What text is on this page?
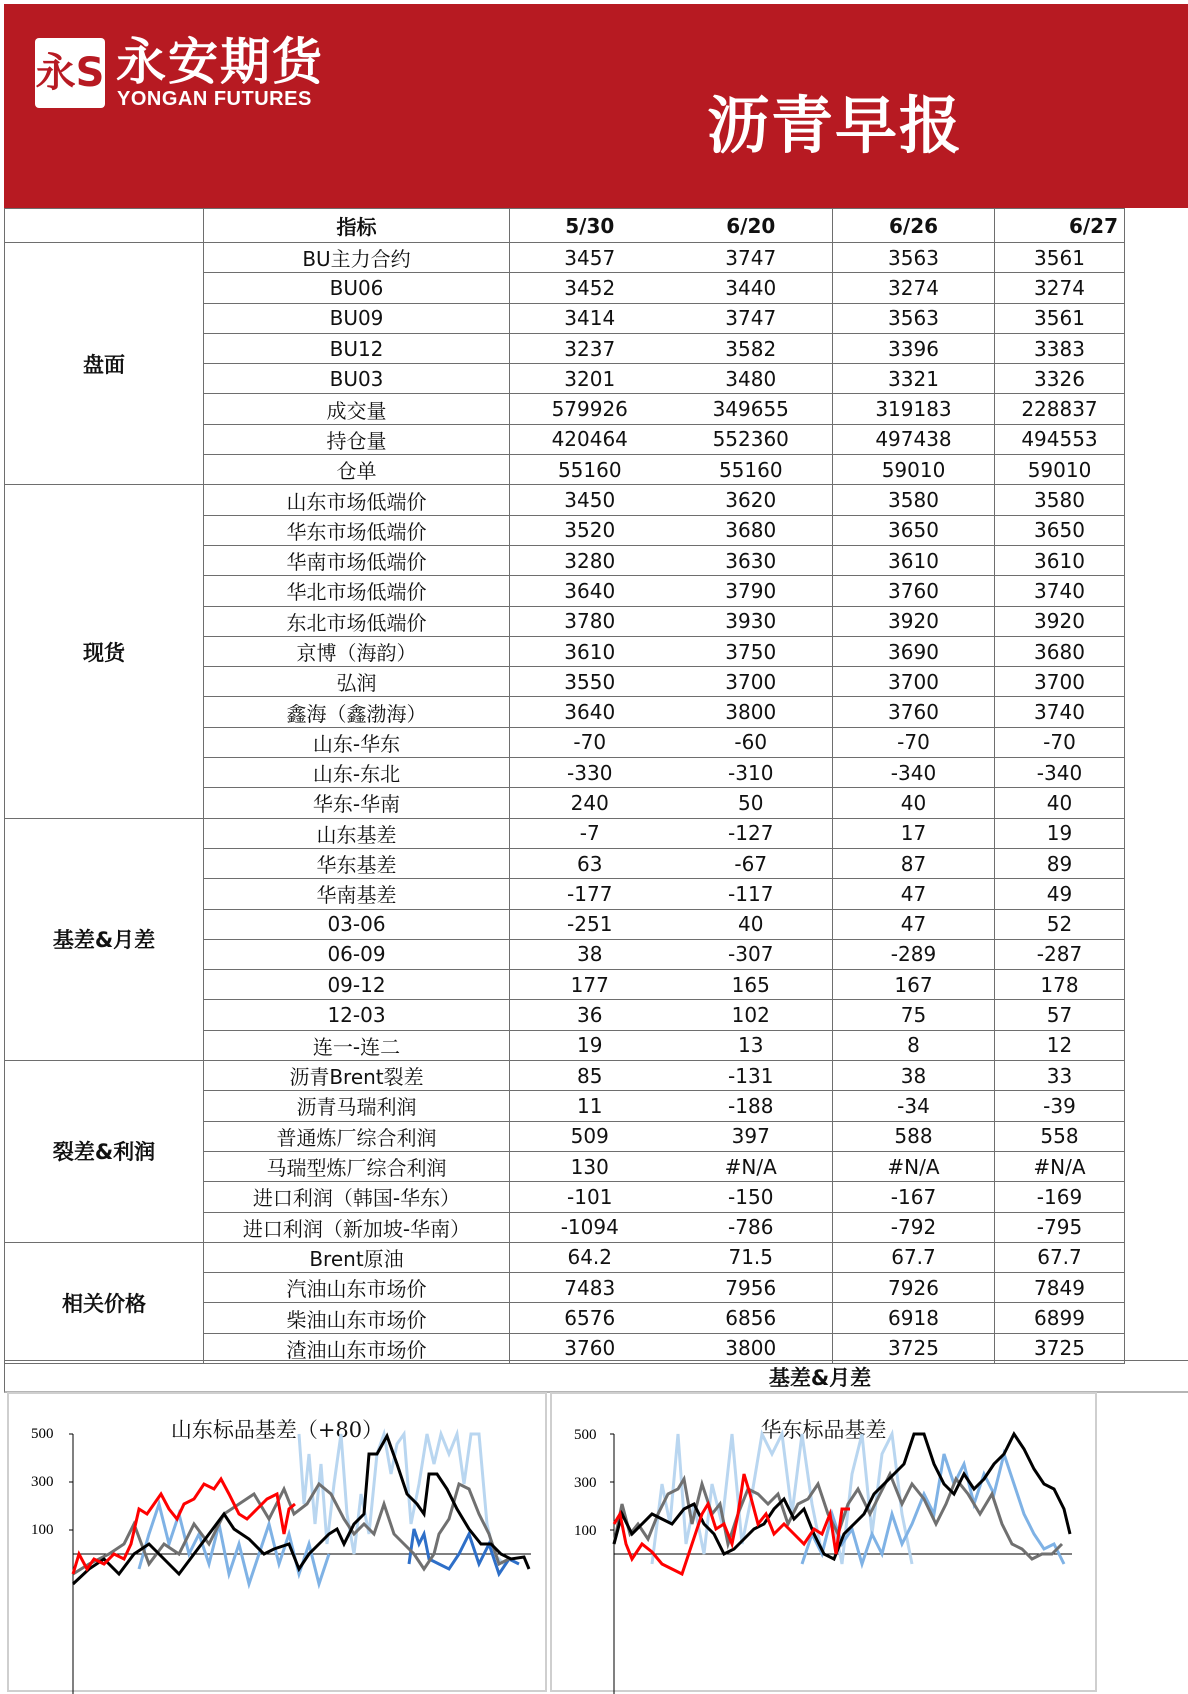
永S 永安期货
YONGAN FUTURES	沥青早报
	指标	5/30	6/20	6/26	6/27
盘面	BU主力合约	3457	3747	3563	3561
	BU06	3452	3440	3274	3274
	BU09	3414	3747	3563	3561
	BU12	3237	3582	3396	3383
	BU03	3201	3480	3321	3326
	成交量	579926	349655	319183	228837
	持仓量	420464	552360	497438	494553
	仓单	55160	55160	59010	59010
现货	山东市场低端价	3450	3620	3580	3580
	华东市场低端价	3520	3680	3650	3650
	华南市场低端价	3280	3630	3610	3610
	华北市场低端价	3640	3790	3760	3740
	东北市场低端价	3780	3930	3920	3920
	京博（海韵）	3610	3750	3690	3680
	弘润	3550	3700	3700	3700
	鑫海（鑫渤海）	3640	3800	3760	3740
	山东-华东	-70	-60	-70	-70
	山东-东北	-330	-310	-340	-340
	华东-华南	240	50	40	40
基差&月差	山东基差	-7	-127	17	19
	华东基差	63	-67	87	89
	华南基差	-177	-117	47	49
	03-06	-251	40	47	52
	06-09	38	-307	-289	-287
	09-12	177	165	167	178
	12-03	36	102	75	57
	连一-连二	19	13	8	12
裂差&利润	沥青Brent裂差	85	-131	38	33
	沥青马瑞利润	11	-188	-34	-39
	普通炼厂综合利润	509	397	588	558
	马瑞型炼厂综合利润	130	#N/A	#N/A	#N/A
	进口利润（韩国-华东）	-101	-150	-167	-169
	进口利润（新加坡-华南）	-1094	-786	-792	-795
相关价格	Brent原油	64.2	71.5	67.7	67.7
	汽油山东市场价	7483	7956	7926	7849
	柴油山东市场价	6576	6856	6918	6899
	渣油山东市场价	3760	3800	3725	3725
基差&月差
山东标品基差（+80）
500
300
100
华东标品基差
500
300
100
